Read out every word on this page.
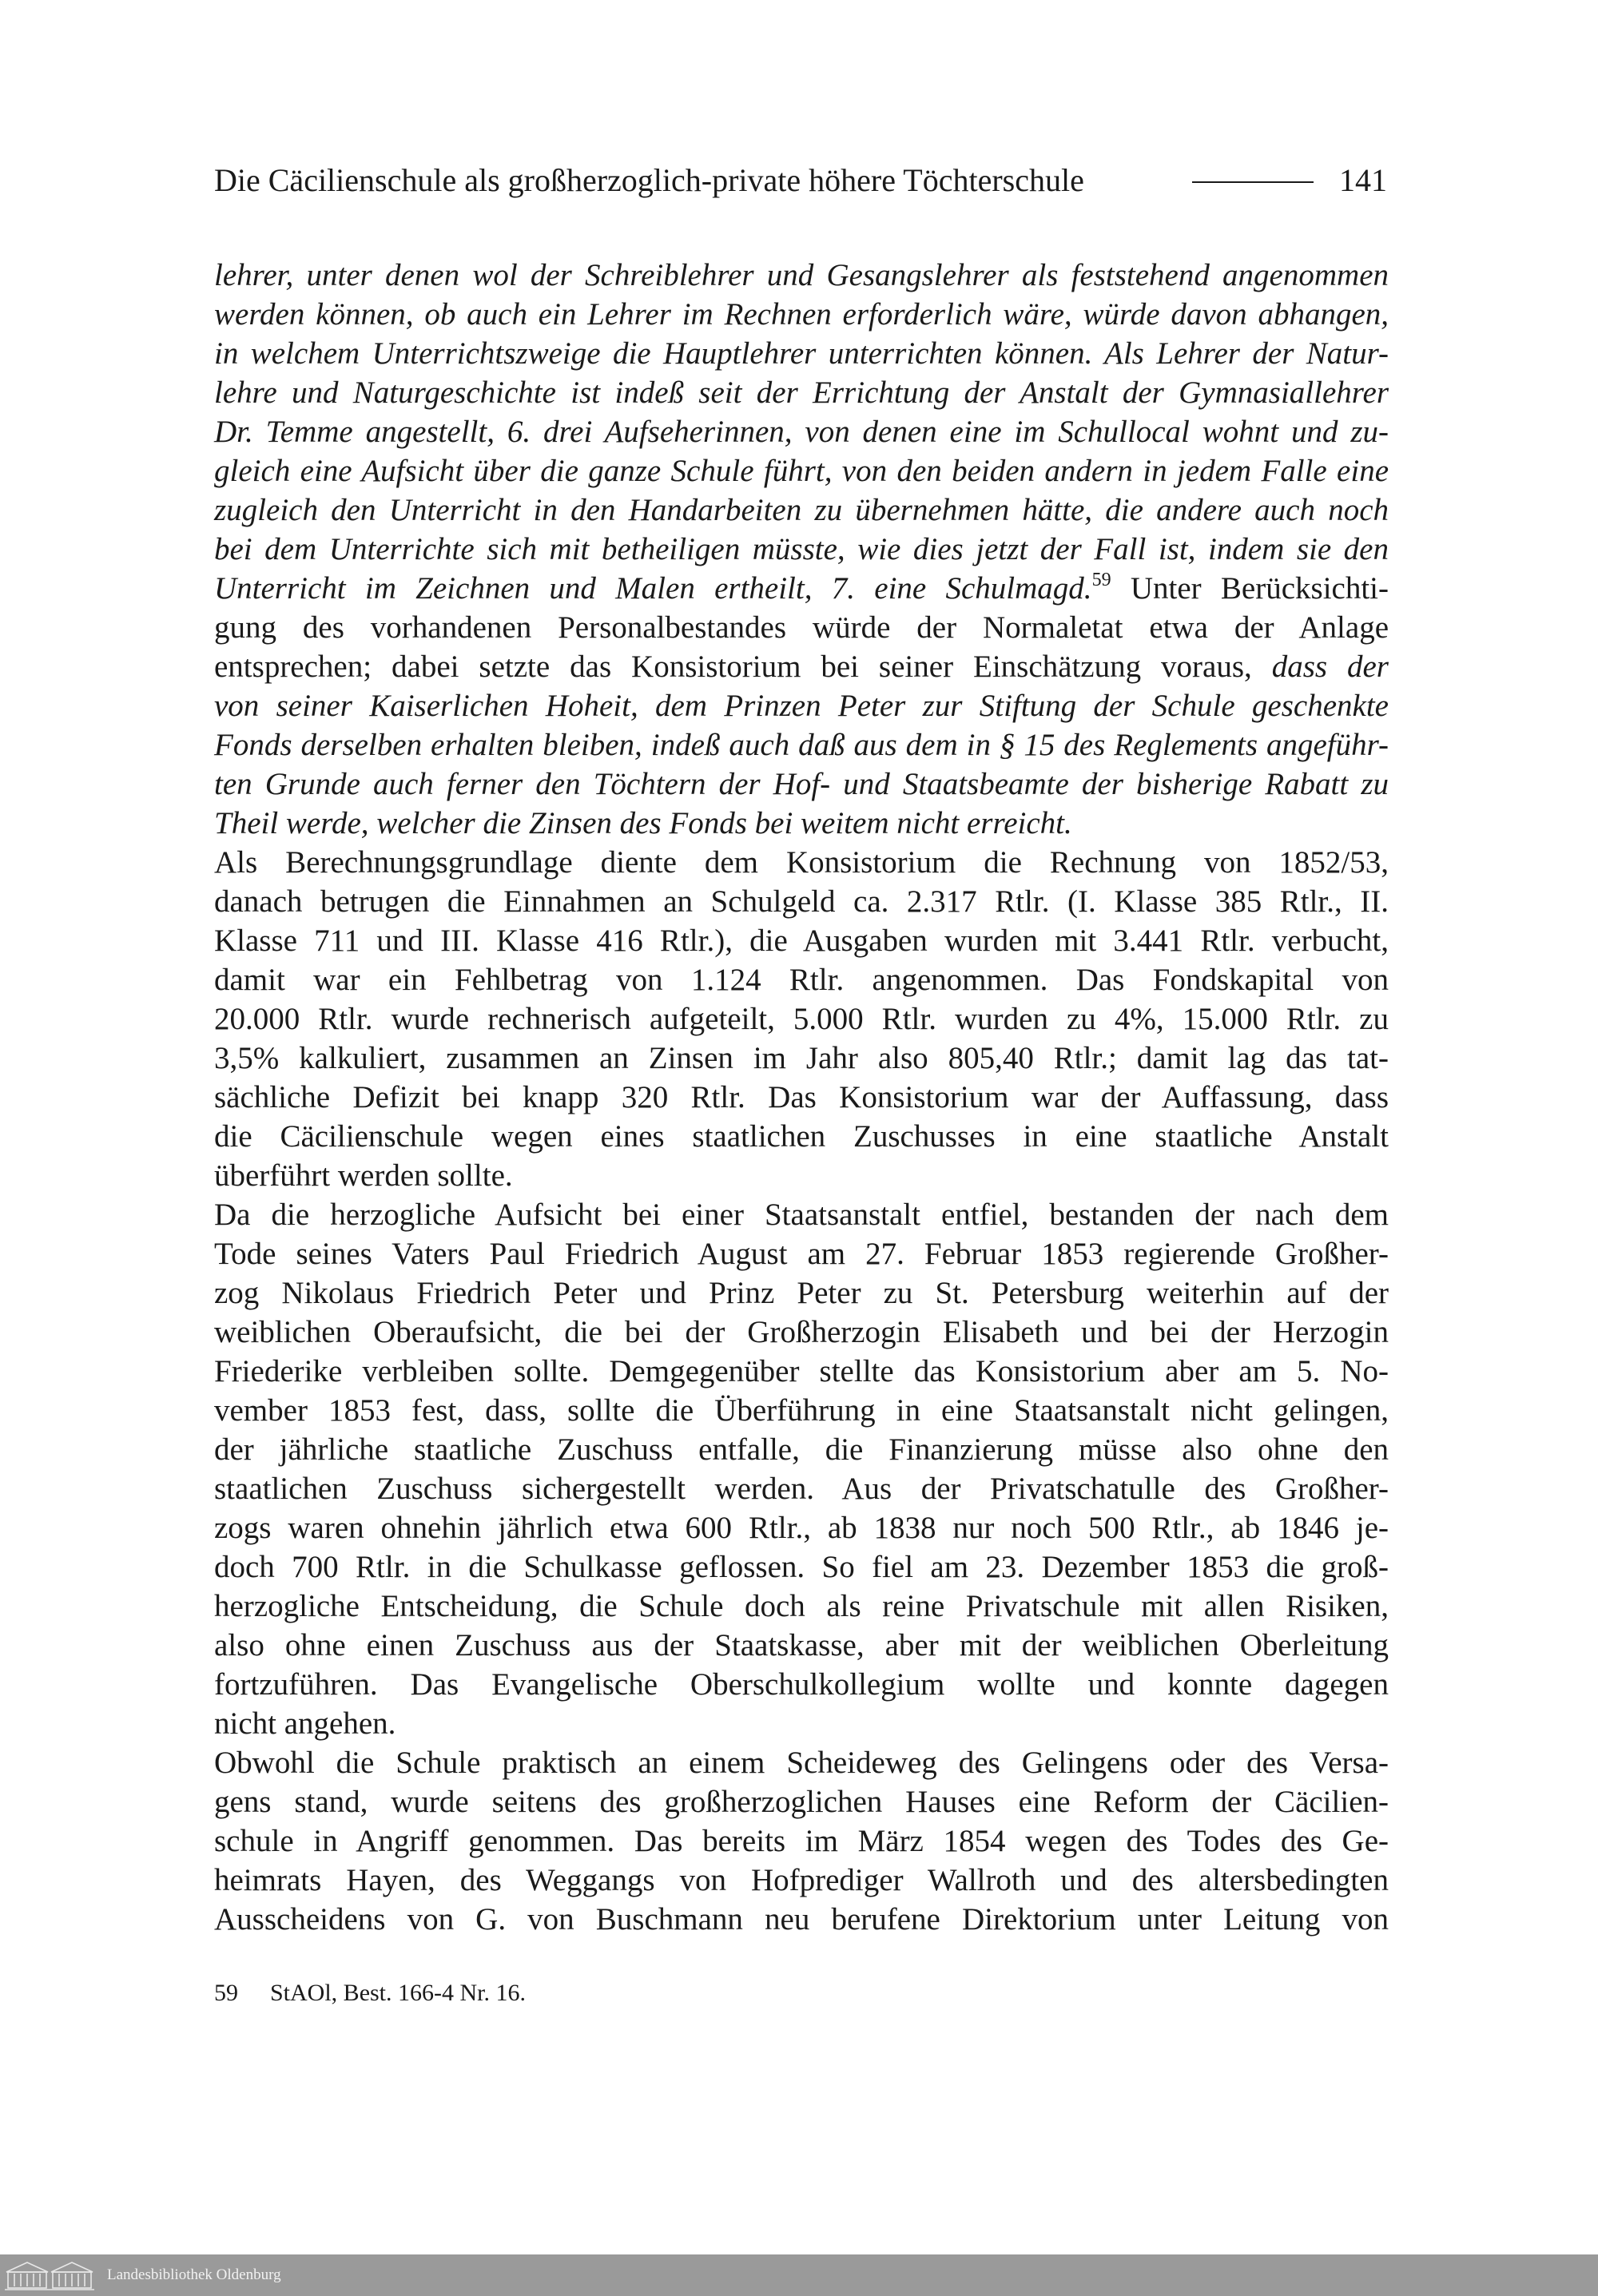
Die Cäcilienschule als großherzoglich-private höhere Töchterschule	141
lehrer, unter denen wol der Schreiblehrer und Gesangslehrer als feststehend angenommen
werden können, ob auch ein Lehrer im Rechnen erforderlich wäre, würde davon abhangen,
in welchem Unterrichtszweige die Hauptlehrer unterrichten können. Als Lehrer der Natur-
lehre und Naturgeschichte ist indeß seit der Errichtung der Anstalt der Gymnasiallehrer
Dr. Temme angestellt, 6. drei Aufseherinnen, von denen eine im Schullocal wohnt und zu-
gleich eine Aufsicht über die ganze Schule führt, von den beiden andern in jedem Falle eine
zugleich den Unterricht in den Handarbeiten zu übernehmen hätte, die andere auch noch
bei dem Unterrichte sich mit betheiligen müsste, wie dies jetzt der Fall ist, indem sie den
Unterricht im Zeichnen und Malen ertheilt, 7. eine Schulmagd.$^{59}$ Unter Berücksichti-
gung des vorhandenen Personalbestandes würde der Normaletat etwa der Anlage
entsprechen; dabei setzte das Konsistorium bei seiner Einschätzung voraus, dass der
von seiner Kaiserlichen Hoheit, dem Prinzen Peter zur Stiftung der Schule geschenkte
Fonds derselben erhalten bleiben, indeß auch daß aus dem in § 15 des Reglements angeführ-
ten Grunde auch ferner den Töchtern der Hof- und Staatsbeamte der bisherige Rabatt zu
Theil werde, welcher die Zinsen des Fonds bei weitem nicht erreicht.
Als Berechnungsgrundlage diente dem Konsistorium die Rechnung von 1852/53,
danach betrugen die Einnahmen an Schulgeld ca. 2.317 Rtlr. (I. Klasse 385 Rtlr., II.
Klasse 711 und III. Klasse 416 Rtlr.), die Ausgaben wurden mit 3.441 Rtlr. verbucht,
damit war ein Fehlbetrag von 1.124 Rtlr. angenommen. Das Fondskapital von
20.000 Rtlr. wurde rechnerisch aufgeteilt, 5.000 Rtlr. wurden zu 4%, 15.000 Rtlr. zu
3,5% kalkuliert, zusammen an Zinsen im Jahr also 805,40 Rtlr.; damit lag das tat-
sächliche Defizit bei knapp 320 Rtlr. Das Konsistorium war der Auffassung, dass
die Cäcilienschule wegen eines staatlichen Zuschusses in eine staatliche Anstalt
überführt werden sollte.
Da die herzogliche Aufsicht bei einer Staatsanstalt entfiel, bestanden der nach dem
Tode seines Vaters Paul Friedrich August am 27. Februar 1853 regierende Großher-
zog Nikolaus Friedrich Peter und Prinz Peter zu St. Petersburg weiterhin auf der
weiblichen Oberaufsicht, die bei der Großherzogin Elisabeth und bei der Herzogin
Friederike verbleiben sollte. Demgegenüber stellte das Konsistorium aber am 5. No-
vember 1853 fest, dass, sollte die Überführung in eine Staatsanstalt nicht gelingen,
der jährliche staatliche Zuschuss entfalle, die Finanzierung müsse also ohne den
staatlichen Zuschuss sichergestellt werden. Aus der Privatschatulle des Großher-
zogs waren ohnehin jährlich etwa 600 Rtlr., ab 1838 nur noch 500 Rtlr., ab 1846 je-
doch 700 Rtlr. in die Schulkasse geflossen. So fiel am 23. Dezember 1853 die groß-
herzogliche Entscheidung, die Schule doch als reine Privatschule mit allen Risiken,
also ohne einen Zuschuss aus der Staatskasse, aber mit der weiblichen Oberleitung
fortzuführen. Das Evangelische Oberschulkollegium wollte und konnte dagegen
nicht angehen.
Obwohl die Schule praktisch an einem Scheideweg des Gelingens oder des Versa-
gens stand, wurde seitens des großherzoglichen Hauses eine Reform der Cäcilien-
schule in Angriff genommen. Das bereits im März 1854 wegen des Todes des Ge-
heimrats Hayen, des Weggangs von Hofprediger Wallroth und des altersbedingten
Ausscheidens von G. von Buschmann neu berufene Direktorium unter Leitung von
59 StAOl, Best. 166-4 Nr. 16.
Landesbibliothek Oldenburg
